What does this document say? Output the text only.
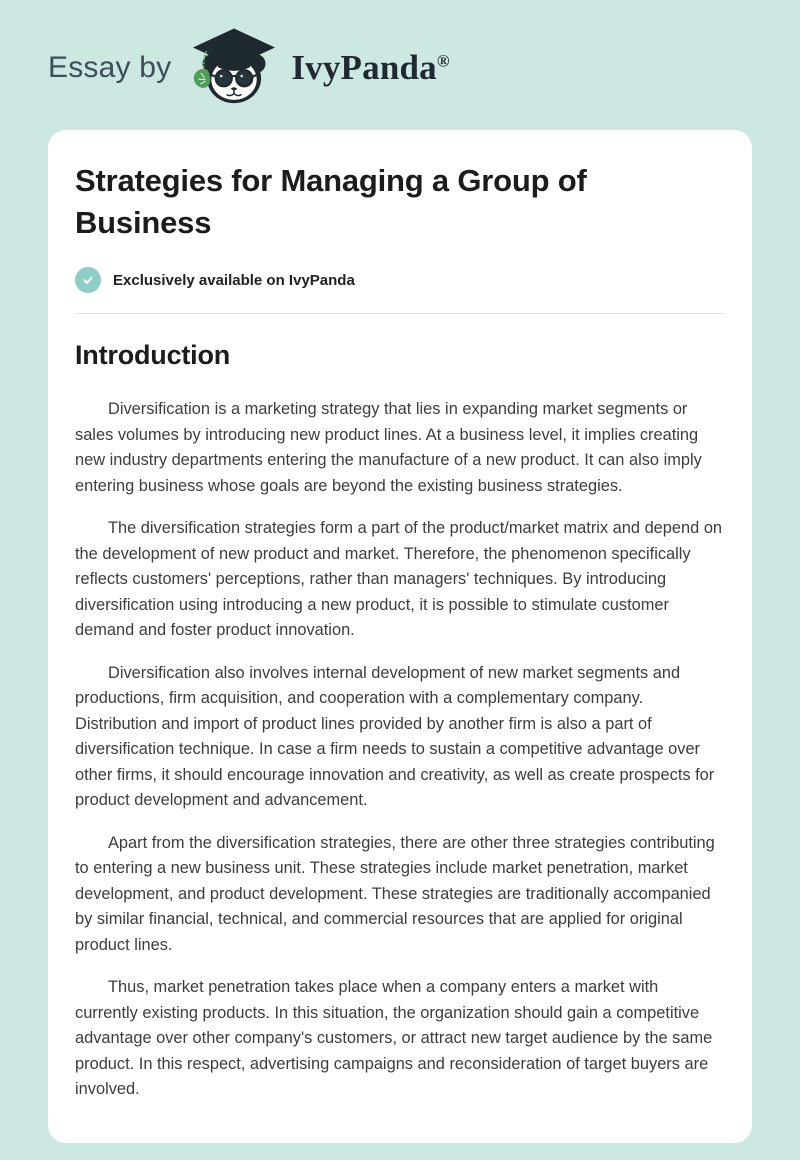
Essay by	IvyPanda®
Strategies for Managing a Group of Business
Exclusively available on IvyPanda
Introduction

Diversification is a marketing strategy that lies in expanding market segments or sales volumes by introducing new product lines. At a business level, it implies creating new industry departments entering the manufacture of a new product. It can also imply entering business whose goals are beyond the existing business strategies.

The diversification strategies form a part of the product/market matrix and depend on the development of new product and market. Therefore, the phenomenon specifically reflects customers' perceptions, rather than managers' techniques. By introducing diversification using introducing a new product, it is possible to stimulate customer demand and foster product innovation.

Diversification also involves internal development of new market segments and productions, firm acquisition, and cooperation with a complementary company. Distribution and import of product lines provided by another firm is also a part of diversification technique. In case a firm needs to sustain a competitive advantage over other firms, it should encourage innovation and creativity, as well as create prospects for product development and advancement.

Apart from the diversification strategies, there are other three strategies contributing to entering a new business unit. These strategies include market penetration, market development, and product development. These strategies are traditionally accompanied by similar financial, technical, and commercial resources that are applied for original product lines.

Thus, market penetration takes place when a company enters a market with currently existing products. In this situation, the organization should gain a competitive advantage over other company's customers, or attract new target audience by the same product. In this respect, advertising campaigns and reconsideration of target buyers are involved.
